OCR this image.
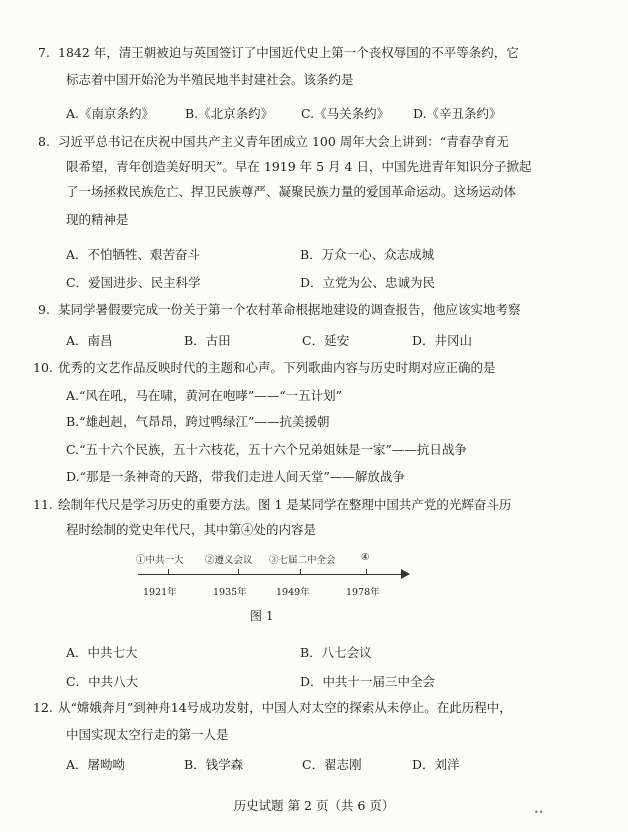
7. 1842 年，清王朝被迫与英国签订了中国近代史上第一个丧权辱国的不平等条约，它
标志着中国开始沦为半殖民地半封建社会。该条约是
A.《南京条约》 B.《北京条约》 C.《马关条约》 D.《辛丑条约》
8. 习近平总书记在庆祝中国共产主义青年团成立 100 周年大会上讲到：“青春孕育无
限希望，青年创造美好明天”。早在 1919 年 5 月 4 日，中国先进青年知识分子掀起
了一场拯救民族危亡、捍卫民族尊严、凝聚民族力量的爱国革命运动。这场运动体
现的精神是
A．不怕牺牲、艰苦奋斗	B．万众一心、众志成城
C．爱国进步、民主科学	D．立党为公、忠诚为民
9. 某同学暑假要完成一份关于第一个农村革命根据地建设的调查报告，他应该实地考察
A．南昌	B．古田	C．延安	D．井冈山
10. 优秀的文艺作品反映时代的主题和心声。下列歌曲内容与历史时期对应正确的是
A.“风在吼，马在啸，黄河在咆哮”——“一五计划”
B.“雄赳赳，气昂昂，跨过鸭绿江”——抗美援朝
C.“五十六个民族，五十六枝花，五十六个兄弟姐妹是一家”——抗日战争
D.“那是一条神奇的天路，带我们走进人间天堂”——解放战争
11. 绘制年代尺是学习历史的重要方法。图 1 是某同学在整理中国共产党的光辉奋斗历
程时绘制的党史年代尺，其中第④处的内容是
①中共一大 ②遵义会议 ③七届二中全会	④
1921年	1935年	1949年	1978年
图 1
A．中共七大	B．八七会议
C．中共八大	D．中共十一届三中全会
12. 从“嫦娥奔月”到神舟14号成功发射，中国人对太空的探索从未停止。在此历程中，
中国实现太空行走的第一人是
A．屠呦呦	B．钱学森	C．翟志刚	D．刘洋
历史试题 第 2 页（共 6 页）	••
